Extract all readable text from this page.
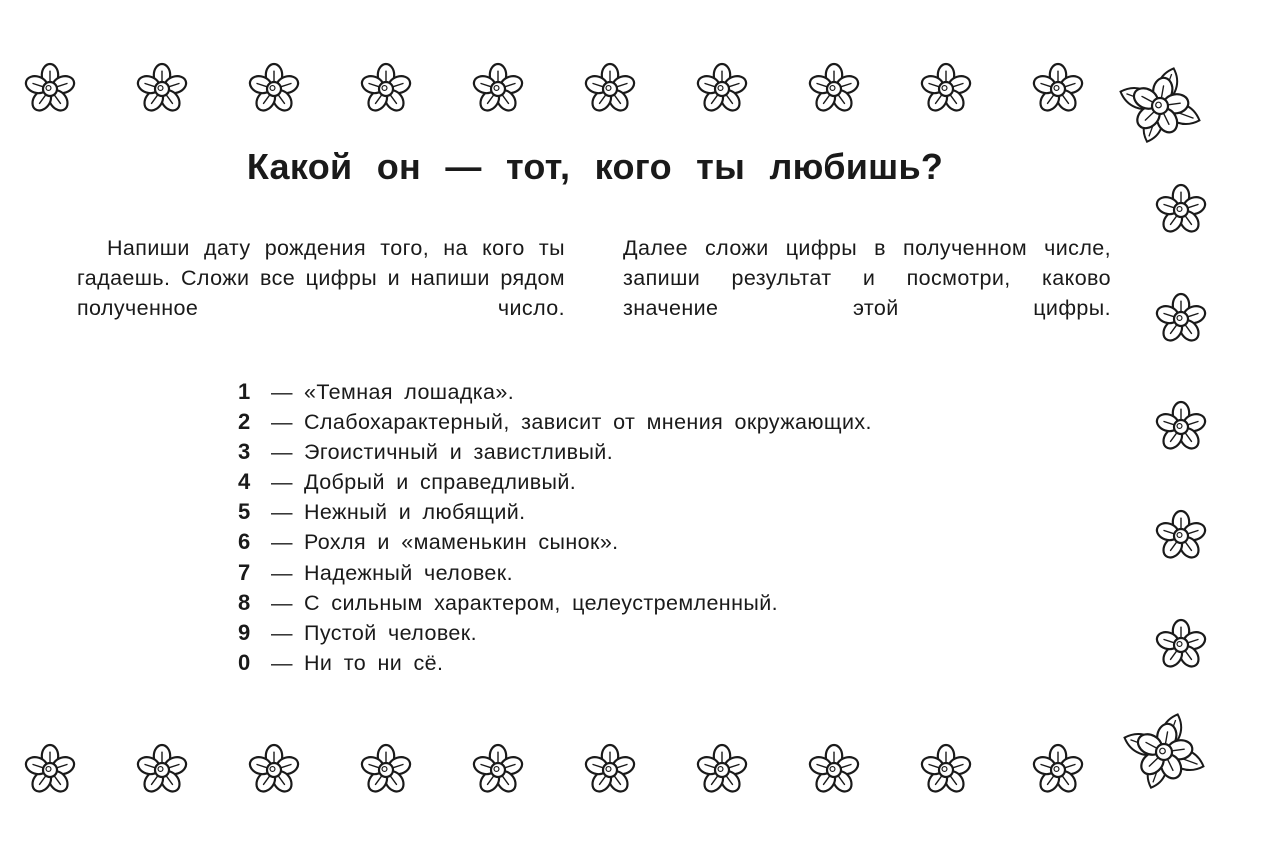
Какой он — тот, кого ты любишь?

Напиши дату рождения того, на кого ты гадаешь. Сложи все цифры и напиши рядом полученное число.

Далее сложи цифры в полученном числе, запиши результат и посмотри, каково значение этой цифры.

1 — «Темная лошадка».
2 — Слабохарактерный, зависит от мнения окружающих.
3 — Эгоистичный и завистливый.
4 — Добрый и справедливый.
5 — Нежный и любящий.
6 — Рохля и «маменькин сынок».
7 — Надежный человек.
8 — С сильным характером, целеустремленный.
9 — Пустой человек.
0 — Ни то ни сё.
